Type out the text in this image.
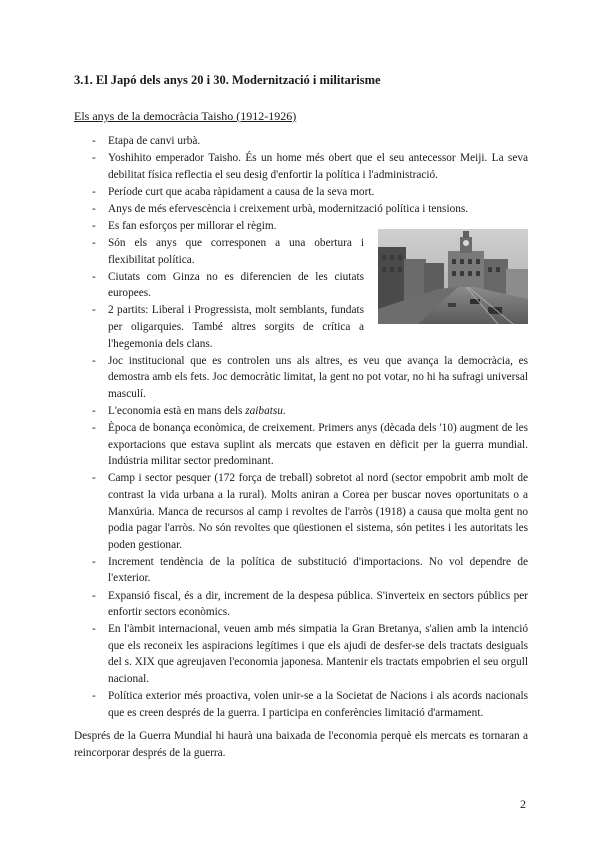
3.1. El Japó dels anys 20 i 30. Modernització i militarisme
Els anys de la democràcia Taisho (1912-1926)
- Etapa de canvi urbà.
- Yoshihito emperador Taisho. És un home més obert que el seu antecessor Meiji. La seva debilitat física reflectia el seu desig d'enfortir la política i l'administració.
- Període curt que acaba ràpidament a causa de la seva mort.
- Anys de més efervescència i creixement urbà, modernització política i tensions.
- Es fan esforços per millorar el règim.
- Són els anys que corresponen a una obertura i flexibilitat política.
- Ciutats com Ginza no es diferencien de les ciutats europees.
- 2 partits: Liberal i Progressista, molt semblants, fundats per oligarquies. També altres sorgits de crítica a l'hegemonia dels clans.
- Joc institucional que es controlen uns als altres, es veu que avança la democràcia, es demostra amb els fets. Joc democràtic limitat, la gent no pot votar, no hi ha sufragi universal masculí.
- L'economia està en mans dels zaibatsu.
- Època de bonança econòmica, de creixement. Primers anys (dècada dels '10) augment de les exportacions que estava suplint als mercats que estaven en dèficit per la guerra mundial. Indústria militar sector predominant.
- Camp i sector pesquer (172 força de treball) sobretot al nord (sector empobrit amb molt de contrast la vida urbana a la rural). Molts aniran a Corea per buscar noves oportunitats o a Manxúria. Manca de recursos al camp i revoltes de l'arròs (1918) a causa que molta gent no podia pagar l'arròs. No són revoltes que qüestionen el sistema, són petites i les autoritats les poden gestionar.
- Increment tendència de la política de substitució d'importacions. No vol dependre de l'exterior.
- Expansió fiscal, és a dir, increment de la despesa pública. S'inverteix en sectors públics per enfortir sectors econòmics.
- En l'àmbit internacional, veuen amb més simpatia la Gran Bretanya, s'alien amb la intenció que els reconeix les aspiracions legítimes i que els ajudi de desfer-se dels tractats desiguals del s. XIX que agreujaven l'economia japonesa. Mantenir els tractats empobrien el seu orgull nacional.
- Política exterior més proactiva, volen unir-se a la Societat de Nacions i als acords nacionals que es creen després de la guerra. I participa en conferències limitació d'armament.

Després de la Guerra Mundial hi haurà una baixada de l'economia perquè els mercats es tornaran a reincorporar després de la guerra.

2
